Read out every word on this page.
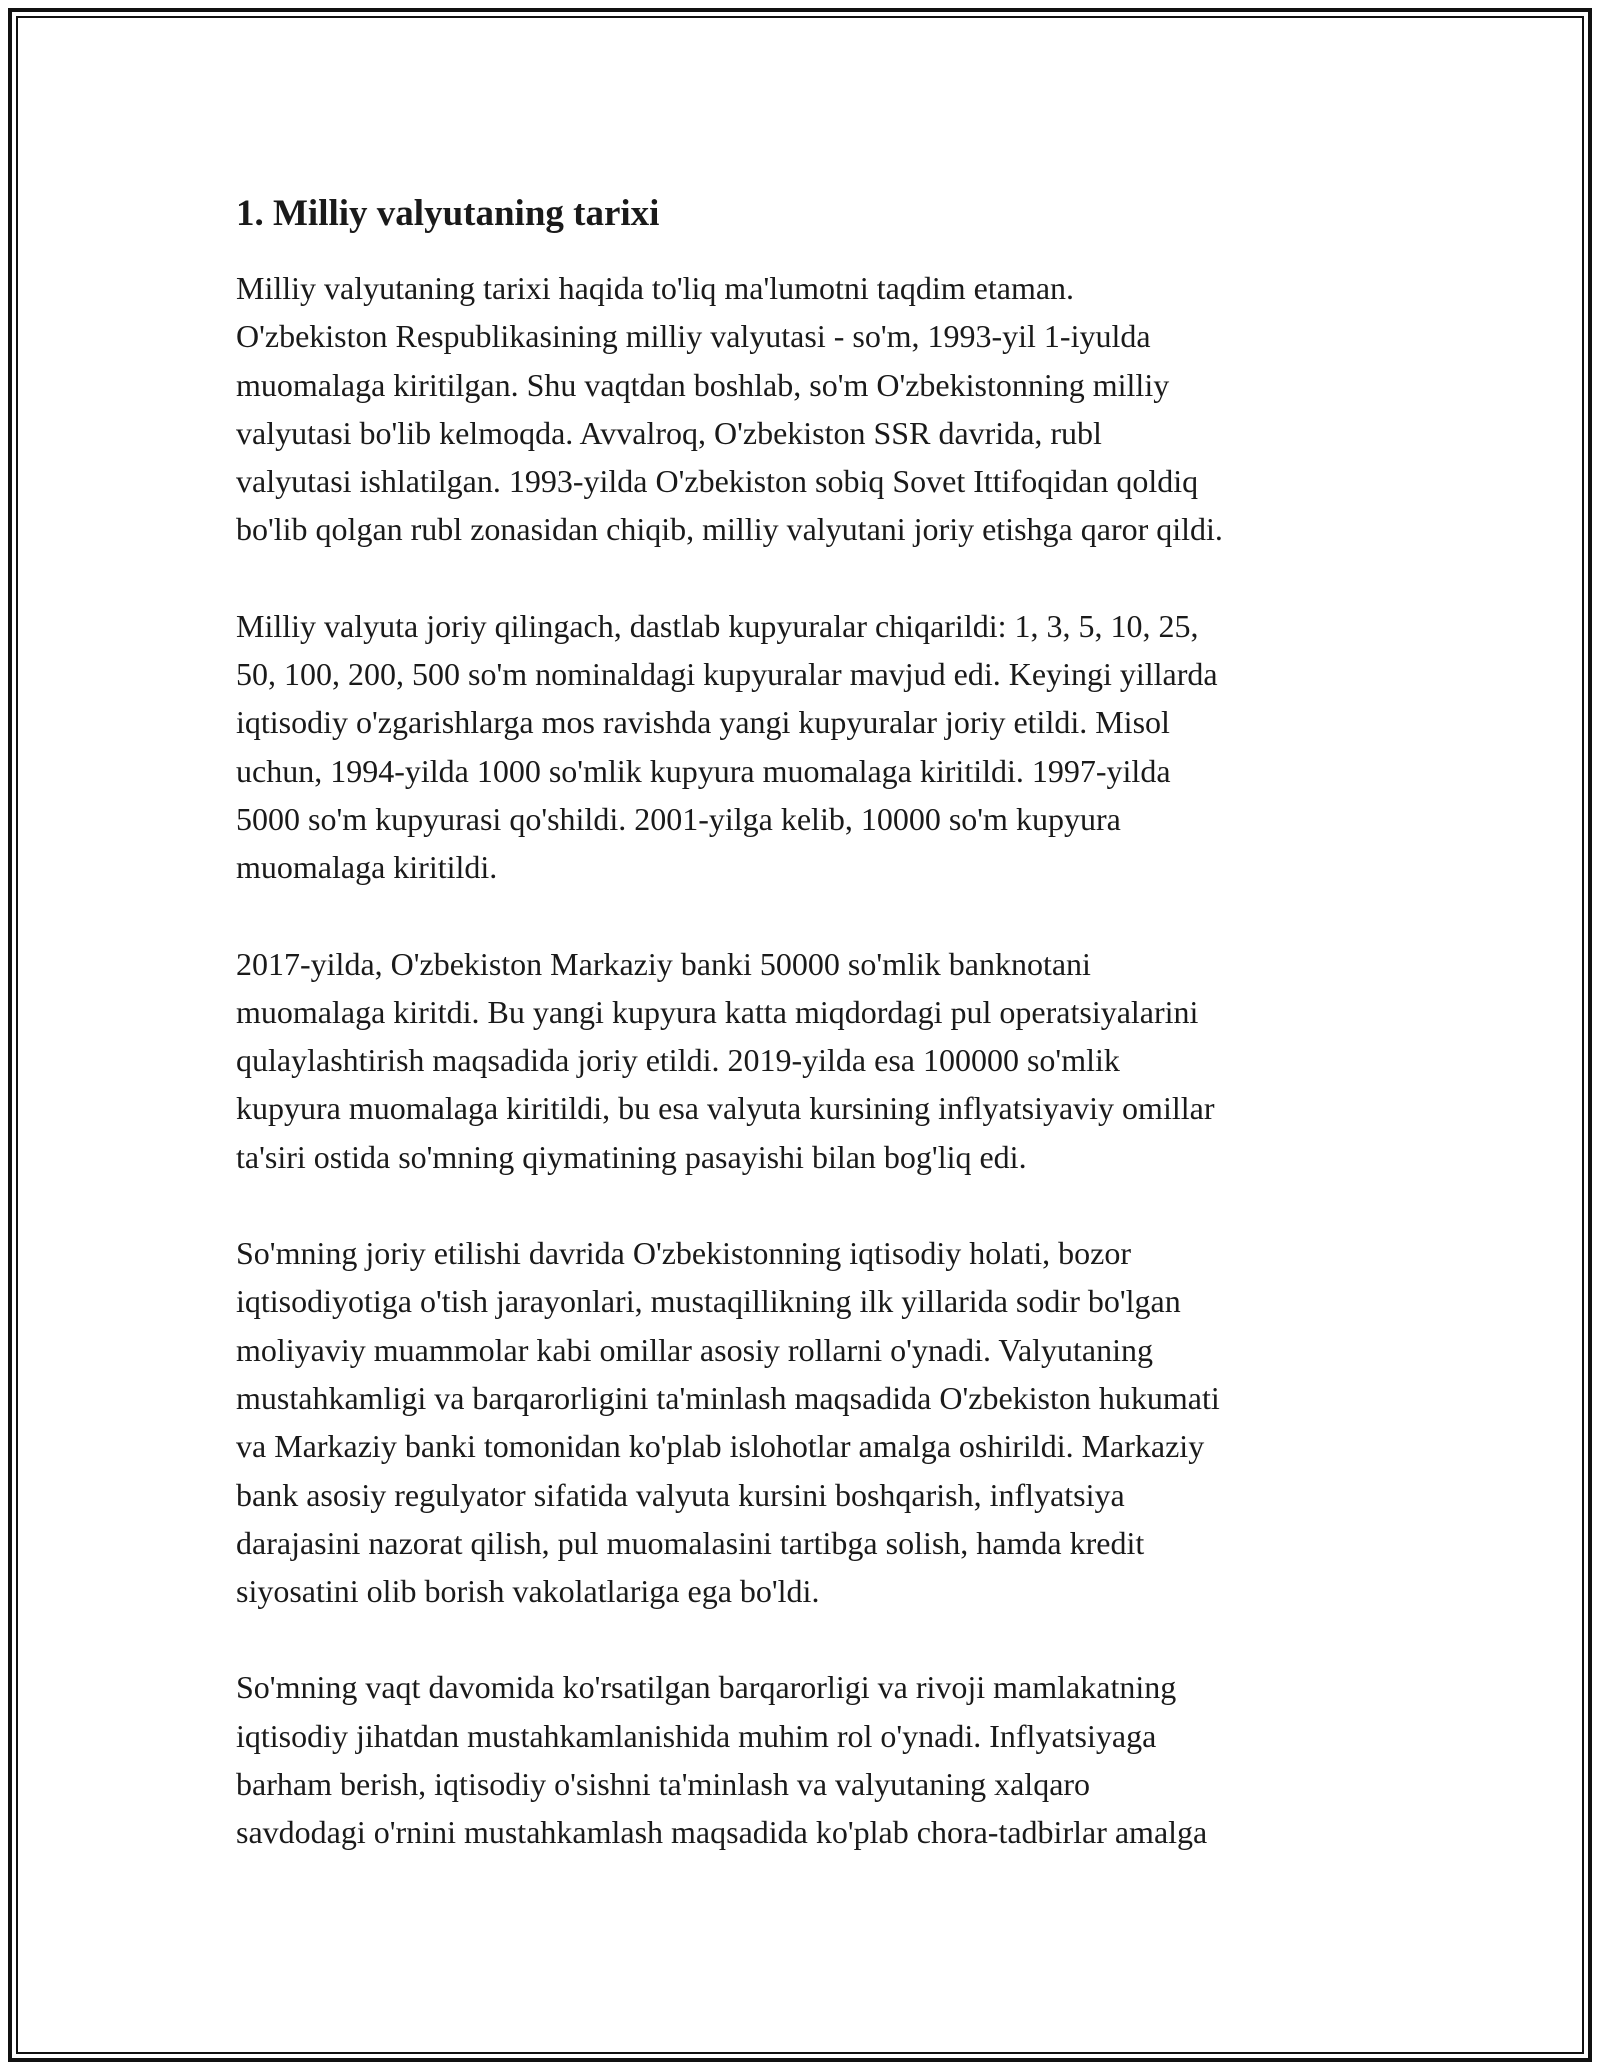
1. Milliy valyutaning tarixi

Milliy valyutaning tarixi haqida to'liq ma'lumotni taqdim etaman.
O'zbekiston Respublikasining milliy valyutasi - so'm, 1993-yil 1-iyulda
muomalaga kiritilgan. Shu vaqtdan boshlab, so'm O'zbekistonning milliy
valyutasi bo'lib kelmoqda. Avvalroq, O'zbekiston SSR davrida, rubl
valyutasi ishlatilgan. 1993-yilda O'zbekiston sobiq Sovet Ittifoqidan qoldiq
bo'lib qolgan rubl zonasidan chiqib, milliy valyutani joriy etishga qaror qildi.

Milliy valyuta joriy qilingach, dastlab kupyuralar chiqarildi: 1, 3, 5, 10, 25,
50, 100, 200, 500 so'm nominaldagi kupyuralar mavjud edi. Keyingi yillarda
iqtisodiy o'zgarishlarga mos ravishda yangi kupyuralar joriy etildi. Misol
uchun, 1994-yilda 1000 so'mlik kupyura muomalaga kiritildi. 1997-yilda
5000 so'm kupyurasi qo'shildi. 2001-yilga kelib, 10000 so'm kupyura
muomalaga kiritildi.

2017-yilda, O'zbekiston Markaziy banki 50000 so'mlik banknotani
muomalaga kiritdi. Bu yangi kupyura katta miqdordagi pul operatsiyalarini
qulaylashtirish maqsadida joriy etildi. 2019-yilda esa 100000 so'mlik
kupyura muomalaga kiritildi, bu esa valyuta kursining inflyatsiyaviy omillar
ta'siri ostida so'mning qiymatining pasayishi bilan bog'liq edi.

So'mning joriy etilishi davrida O'zbekistonning iqtisodiy holati, bozor
iqtisodiyotiga o'tish jarayonlari, mustaqillikning ilk yillarida sodir bo'lgan
moliyaviy muammolar kabi omillar asosiy rollarni o'ynadi. Valyutaning
mustahkamligi va barqarorligini ta'minlash maqsadida O'zbekiston hukumati
va Markaziy banki tomonidan ko'plab islohotlar amalga oshirildi. Markaziy
bank asosiy regulyator sifatida valyuta kursini boshqarish, inflyatsiya
darajasini nazorat qilish, pul muomalasini tartibga solish, hamda kredit
siyosatini olib borish vakolatlariga ega bo'ldi.

So'mning vaqt davomida ko'rsatilgan barqarorligi va rivoji mamlakatning
iqtisodiy jihatdan mustahkamlanishida muhim rol o'ynadi. Inflyatsiyaga
barham berish, iqtisodiy o'sishni ta'minlash va valyutaning xalqaro
savdodagi o'rnini mustahkamlash maqsadida ko'plab chora-tadbirlar amalga
